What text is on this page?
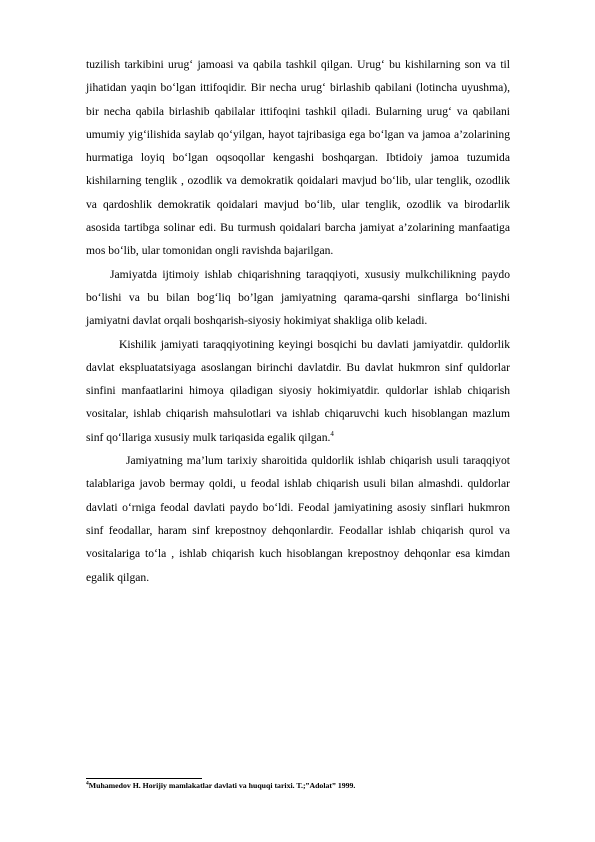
tuzilish tarkibini urug‘ jamoasi va qabila tashkil qilgan. Urug‘ bu kishilarning son va til jihatidan yaqin bo‘lgan ittifoqidir. Bir necha urug‘ birlashib qabilani (lotincha uyushma), bir necha qabila birlashib qabilalar ittifoqini tashkil qiladi. Bularning urug‘ va qabilani umumiy yig‘ilishida saylab qo‘yilgan, hayot tajribasiga ega bo‘lgan va jamoa a’zolarining hurmatiga loyiq bo‘lgan oqsoqollar kengashi boshqargan. Ibtidoiy jamoa tuzumida kishilarning tenglik , ozodlik va demokratik qoidalari mavjud bo‘lib, ular tenglik, ozodlik va qardoshlik demokratik qoidalari mavjud bo‘lib, ular tenglik, ozodlik va birodarlik asosida tartibga solinar edi. Bu turmush qoidalari barcha jamiyat a’zolarining manfaatiga mos bo‘lib, ular tomonidan ongli ravishda bajarilgan.

Jamiyatda ijtimoiy ishlab chiqarishning taraqqiyoti, xususiy mulkchilikning paydo bo‘lishi va bu bilan bog‘liq bo’lgan jamiyatning qarama-qarshi sinflarga bo‘linishi jamiyatni davlat orqali boshqarish-siyosiy hokimiyat shakliga olib keladi.

Kishilik jamiyati taraqqiyotining keyingi bosqichi bu davlati jamiyatdir. quldorlik davlat ekspluatatsiyaga asoslangan birinchi davlatdir. Bu davlat hukmron sinf quldorlar sinfini manfaatlarini himoya qiladigan siyosiy hokimiyatdir. quldorlar ishlab chiqarish vositalar, ishlab chiqarish mahsulotlari va ishlab chiqaruvchi kuch hisoblangan mazlum sinf qo‘llariga xususiy mulk tariqasida egalik qilgan.$^4$

Jamiyatning ma’lum tarixiy sharoitida quldorlik ishlab chiqarish usuli taraqqiyot talablariga javob bermay qoldi, u feodal ishlab chiqarish usuli bilan almashdi. quldorlar davlati o‘rniga feodal davlati paydo bo‘ldi. Feodal jamiyatining asosiy sinflari hukmron sinf feodallar, haram sinf krepostnoy dehqonlardir. Feodallar ishlab chiqarish qurol va vositalariga to‘la , ishlab chiqarish kuch hisoblangan krepostnoy dehqonlar esa kimdan egalik qilgan.

$^4$Muhamedov H. Horijiy mamlakatlar davlati va huquqi tarixi. T.;”Adolat” 1999.
